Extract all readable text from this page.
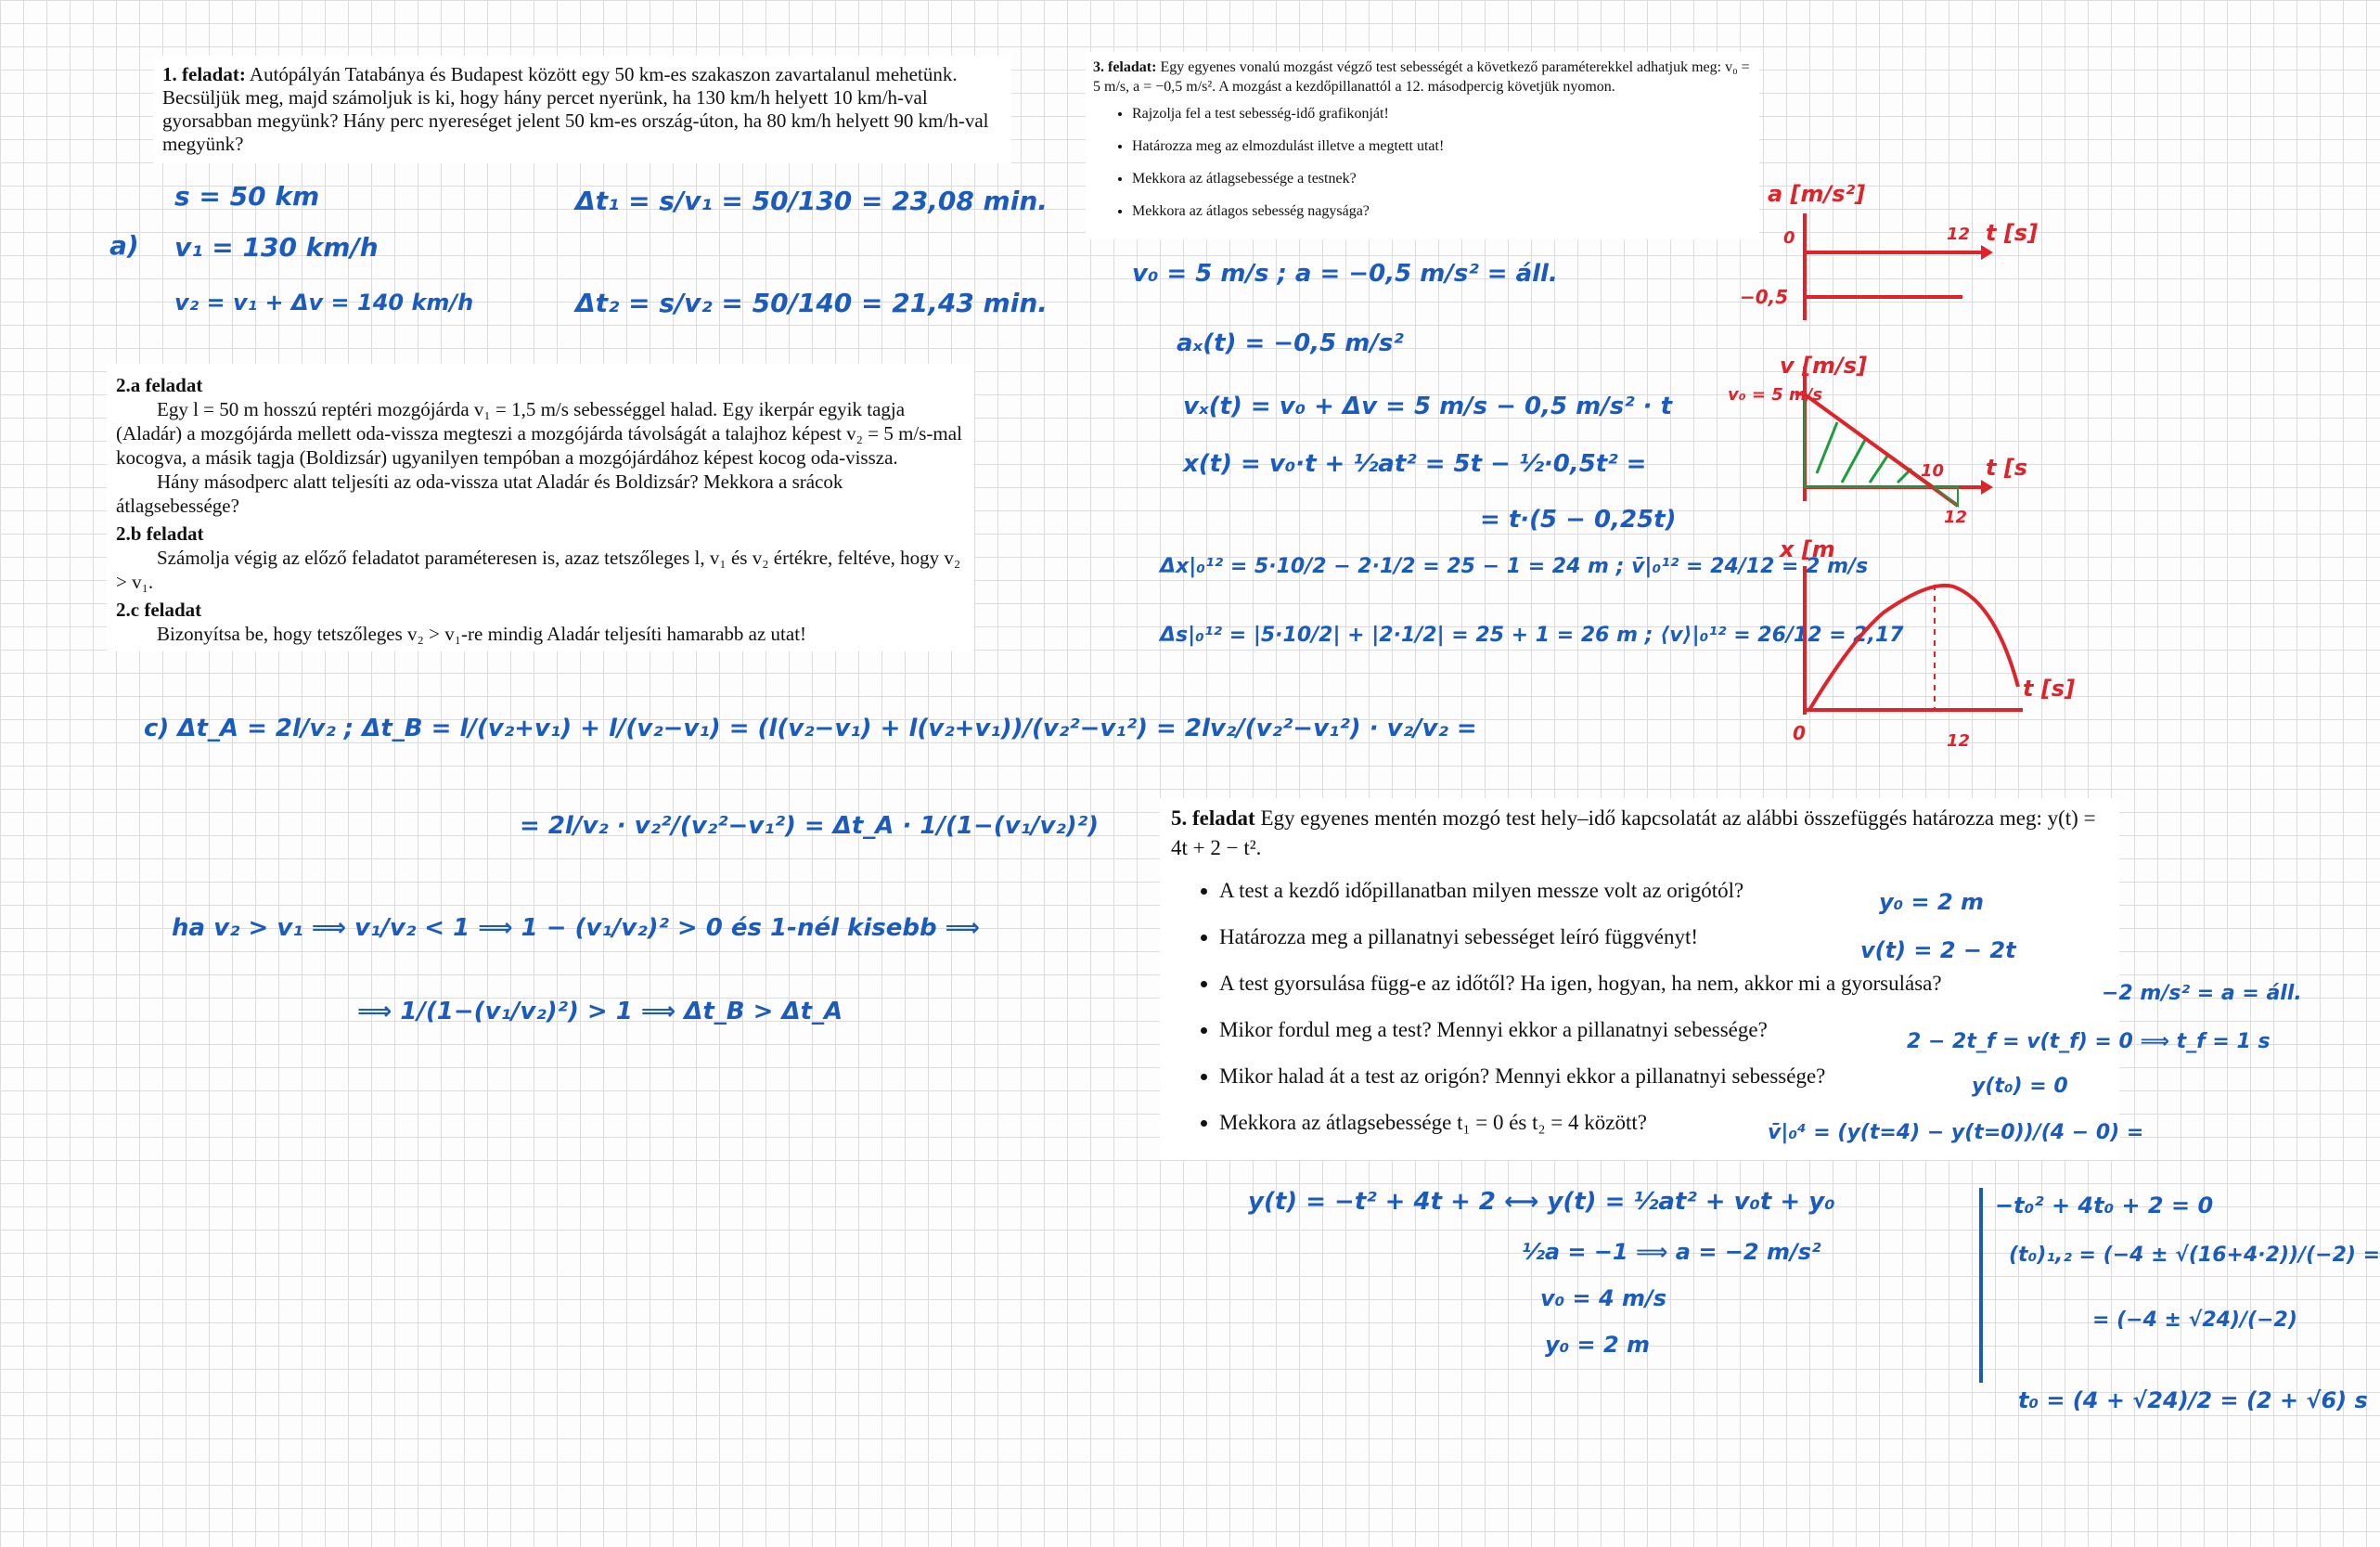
1. feladat: Autópályán Tatabánya és Budapest között egy 50 km-es szakaszon zavartalanul mehetünk. Becsüljük meg, majd számoljuk is ki, hogy hány percet nyerünk, ha 130 km/h helyett 10 km/h-val gyorsabban megyünk? Hány perc nyereséget jelent 50 km-es ország-úton, ha 80 km/h helyett 90 km/h-val megyünk?

2.a feladat

Egy l = 50 m hosszú reptéri mozgójárda v₁ = 1,5 m/s sebességgel halad. Egy ikerpár egyik tagja (Aladár) a mozgójárda mellett oda-vissza megteszi a mozgójárda távolságát a talajhoz képest v₂ = 5 m/s-mal kocogva, a másik tagja (Boldizsár) ugyanilyen tempóban a mozgójárdához képest kocog oda-vissza.

Hány másodperc alatt teljesíti az oda-vissza utat Aladár és Boldizsár? Mekkora a srácok átlagsebessége?

2.b feladat

Számolja végig az előző feladatot paraméteresen is, azaz tetszőleges l, v₁ és v₂ értékre, feltéve, hogy v₂ > v₁.

2.c feladat

Bizonyítsa be, hogy tetszőleges v₂ > v₁-re mindig Aladár teljesíti hamarabb az utat!

3. feladat: Egy egyenes vonalú mozgást végző test sebességét a következő paraméterekkel adhatjuk meg: v₀ = 5 m/s, a = −0,5 m/s². A mozgást a kezdőpillanattól a 12. másodpercig követjük nyomon.

• Rajzolja fel a test sebesség-idő grafikonját!
• Határozza meg az elmozdulást illetve a megtett utat!
• Mekkora az átlagsebessége a testnek?
• Mekkora az átlagos sebesség nagysága?

5. feladat Egy egyenes mentén mozgó test hely–idő kapcsolatát az alábbi összefüggés határozza meg: y(t) = 4t + 2 − t².

• A test a kezdő időpillanatban milyen messze volt az origótól?
• Határozza meg a pillanatnyi sebességet leíró függvényt!
• A test gyorsulása függ-e az időtől? Ha igen, hogyan, ha nem, akkor mi a gyorsulása?
• Mikor fordul meg a test? Mennyi ekkor a pillanatnyi sebessége?
• Mikor halad át a test az origón? Mennyi ekkor a pillanatnyi sebessége?
• Mekkora az átlagsebessége t₁ = 0 és t₂ = 4 között?
a)
s = 50 km
v₁ = 130 km/h
v₂ = v₁ + Δv = 140 km/h
Δt₁ = s/v₁ = 50/130 = 23,08 min.
Δt₂ = s/v₂ = 50/140 = 21,43 min.
c) Δt_A = 2l/v₂ ; Δt_B = l/(v₂+v₁) + l/(v₂−v₁) = (l(v₂−v₁) + l(v₂+v₁))/(v₂²−v₁²) = 2lv₂/(v₂²−v₁²) · v₂/v₂ =
= 2l/v₂ · v₂²/(v₂²−v₁²) = Δt_A · 1/(1−(v₁/v₂)²)
ha v₂ > v₁ ⟹ v₁/v₂ < 1 ⟹ 1 − (v₁/v₂)² > 0 és 1-nél kisebb ⟹
⟹ 1/(1−(v₁/v₂)²) > 1 ⟹ Δt_B > Δt_A
v₀ = 5 m/s ; a = −0,5 m/s² = áll.
aₓ(t) = −0,5 m/s²
vₓ(t) = v₀ + Δv = 5 m/s − 0,5 m/s² · t
x(t) = v₀·t + ½at² = 5t − ½·0,5t² =
= t·(5 − 0,25t)
Δx|₀¹² = 5·10/2 − 2·1/2 = 25 − 1 = 24 m ; v̄|₀¹² = 24/12 = 2 m/s
Δs|₀¹² = |5·10/2| + |2·1/2| = 25 + 1 = 26 m ; ⟨v⟩|₀¹² = 26/12 = 2,17
a [m/s²]
0
−0,5
12 t [s]
v [m/s]
v₀ = 5 m/s
10
12
t [s
x [m
0	12
t [s]
y₀ = 2 m
v(t) = 2 − 2t
−2 m/s² = a = áll.
2 − 2t_f = v(t_f) = 0 ⟹ t_f = 1 s
y(t₀) = 0
v̄|₀⁴ = (y(t=4) − y(t=0))/(4 − 0) =
y(t) = −t² + 4t + 2 ⟷ y(t) = ½at² + v₀t + y₀
½a = −1 ⟹ a = −2 m/s²
v₀ = 4 m/s
y₀ = 2 m
−t₀² + 4t₀ + 2 = 0
(t₀)₁,₂ = (−4 ± √(16+4·2))/(−2) =
= (−4 ± √24)/(−2)
t₀ = (4 + √24)/2 = (2 + √6) s
